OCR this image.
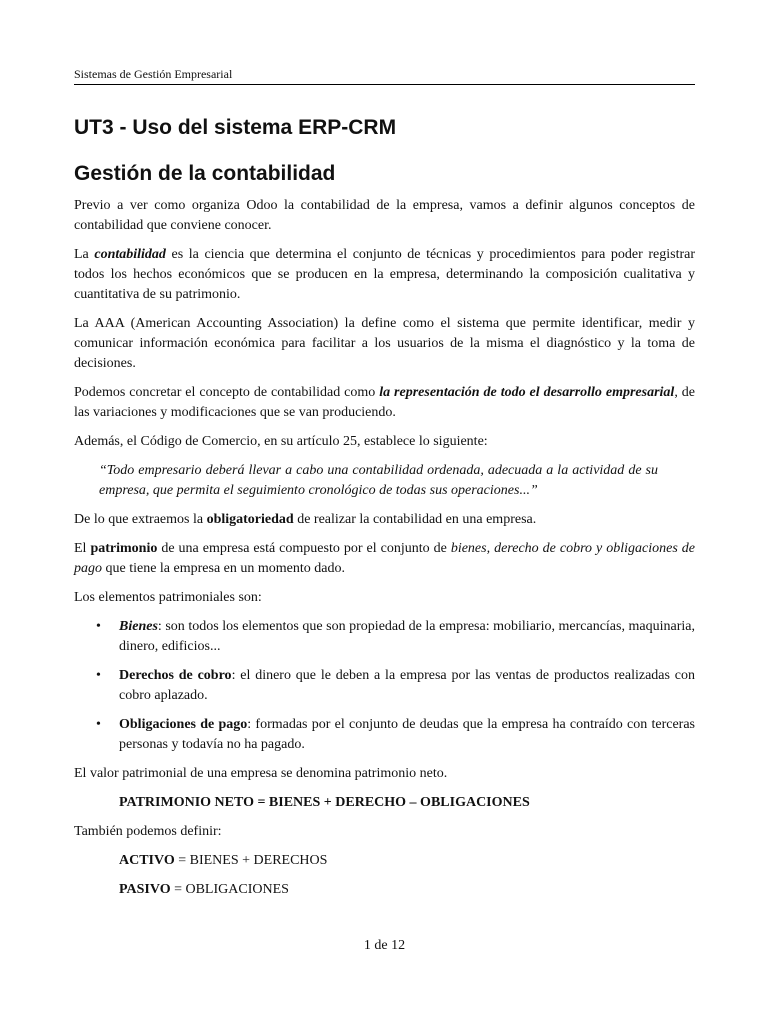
Sistemas de Gestión Empresarial
UT3 - Uso del sistema ERP-CRM
Gestión de la contabilidad

Previo a ver como organiza Odoo la contabilidad de la empresa, vamos a definir algunos conceptos de contabilidad que conviene conocer.

La contabilidad es la ciencia que determina el conjunto de técnicas y procedimientos para poder registrar todos los hechos económicos que se producen en la empresa, determinando la composición cualitativa y cuantitativa de su patrimonio.

La AAA (American Accounting Association) la define como el sistema que permite identificar, medir y comunicar información económica para facilitar a los usuarios de la misma el diagnóstico y la toma de decisiones.

Podemos concretar el concepto de contabilidad como la representación de todo el desarrollo empresarial, de las variaciones y modificaciones que se van produciendo.

Además, el Código de Comercio, en su artículo 25, establece lo siguiente:

“Todo empresario deberá llevar a cabo una contabilidad ordenada, adecuada a la actividad de su empresa, que permita el seguimiento cronológico de todas sus operaciones...”

De lo que extraemos la obligatoriedad de realizar la contabilidad en una empresa.

El patrimonio de una empresa está compuesto por el conjunto de bienes, derecho de cobro y obligaciones de pago que tiene la empresa en un momento dado.

Los elementos patrimoniales son:

• Bienes: son todos los elementos que son propiedad de la empresa: mobiliario, mercancías, maquinaria, dinero, edificios...
• Derechos de cobro: el dinero que le deben a la empresa por las ventas de productos realizadas con cobro aplazado.
• Obligaciones de pago: formadas por el conjunto de deudas que la empresa ha contraído con terceras personas y todavía no ha pagado.

El valor patrimonial de una empresa se denomina patrimonio neto.

PATRIMONIO NETO = BIENES + DERECHO – OBLIGACIONES

También podemos definir:

ACTIVO = BIENES + DERECHOS
PASIVO = OBLIGACIONES
1 de 12
